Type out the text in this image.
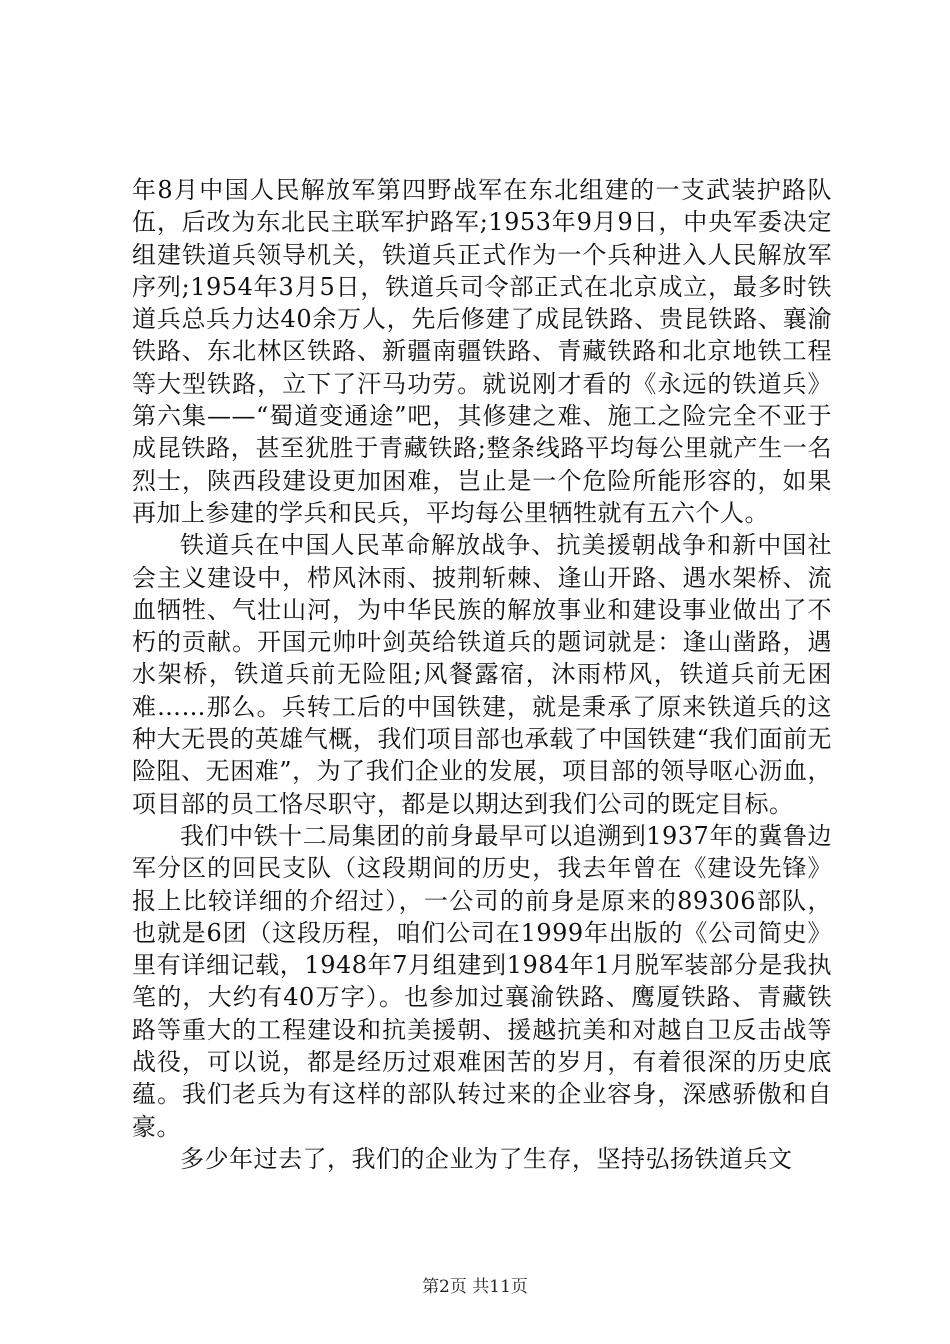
年8月中国人民解放军第四野战军在东北组建的一支武装护路队伍，后改为东北民主联军护路军;1953年9月9日，中央军委决定组建铁道兵领导机关，铁道兵正式作为一个兵种进入人民解放军序列;1954年3月5日，铁道兵司令部正式在北京成立，最多时铁道兵总兵力达40余万人，先后修建了成昆铁路、贵昆铁路、襄渝铁路、东北林区铁路、新疆南疆铁路、青藏铁路和北京地铁工程等大型铁路，立下了汗马功劳。就说刚才看的《永远的铁道兵》第六集——“蜀道变通途”吧，其修建之难、施工之险完全不亚于成昆铁路，甚至犹胜于青藏铁路;整条线路平均每公里就产生一名烈士，陕西段建设更加困难，岂止是一个危险所能形容的，如果再加上参建的学兵和民兵，平均每公里牺牲就有五六个人。

铁道兵在中国人民革命解放战争、抗美援朝战争和新中国社会主义建设中，栉风沐雨、披荆斩棘、逢山开路、遇水架桥、流血牺牲、气壮山河，为中华民族的解放事业和建设事业做出了不朽的贡献。开国元帅叶剑英给铁道兵的题词就是：逢山凿路，遇水架桥，铁道兵前无险阻;风餐露宿，沐雨栉风，铁道兵前无困难……那么。兵转工后的中国铁建，就是秉承了原来铁道兵的这种大无畏的英雄气概，我们项目部也承载了中国铁建“我们面前无险阻、无困难”，为了我们企业的发展，项目部的领导呕心沥血，项目部的员工恪尽职守，都是以期达到我们公司的既定目标。

我们中铁十二局集团的前身最早可以追溯到1937年的冀鲁边军分区的回民支队（这段期间的历史，我去年曾在《建设先锋》报上比较详细的介绍过），一公司的前身是原来的89306部队，也就是6团（这段历程，咱们公司在1999年出版的《公司简史》里有详细记载，1948年7月组建到1984年1月脱军装部分是我执笔的，大约有40万字）。也参加过襄渝铁路、鹰厦铁路、青藏铁路等重大的工程建设和抗美援朝、援越抗美和对越自卫反击战等战役，可以说，都是经历过艰难困苦的岁月，有着很深的历史底蕴。我们老兵为有这样的部队转过来的企业容身，深感骄傲和自豪。

多少年过去了，我们的企业为了生存，坚持弘扬铁道兵文

第2页 共11页
